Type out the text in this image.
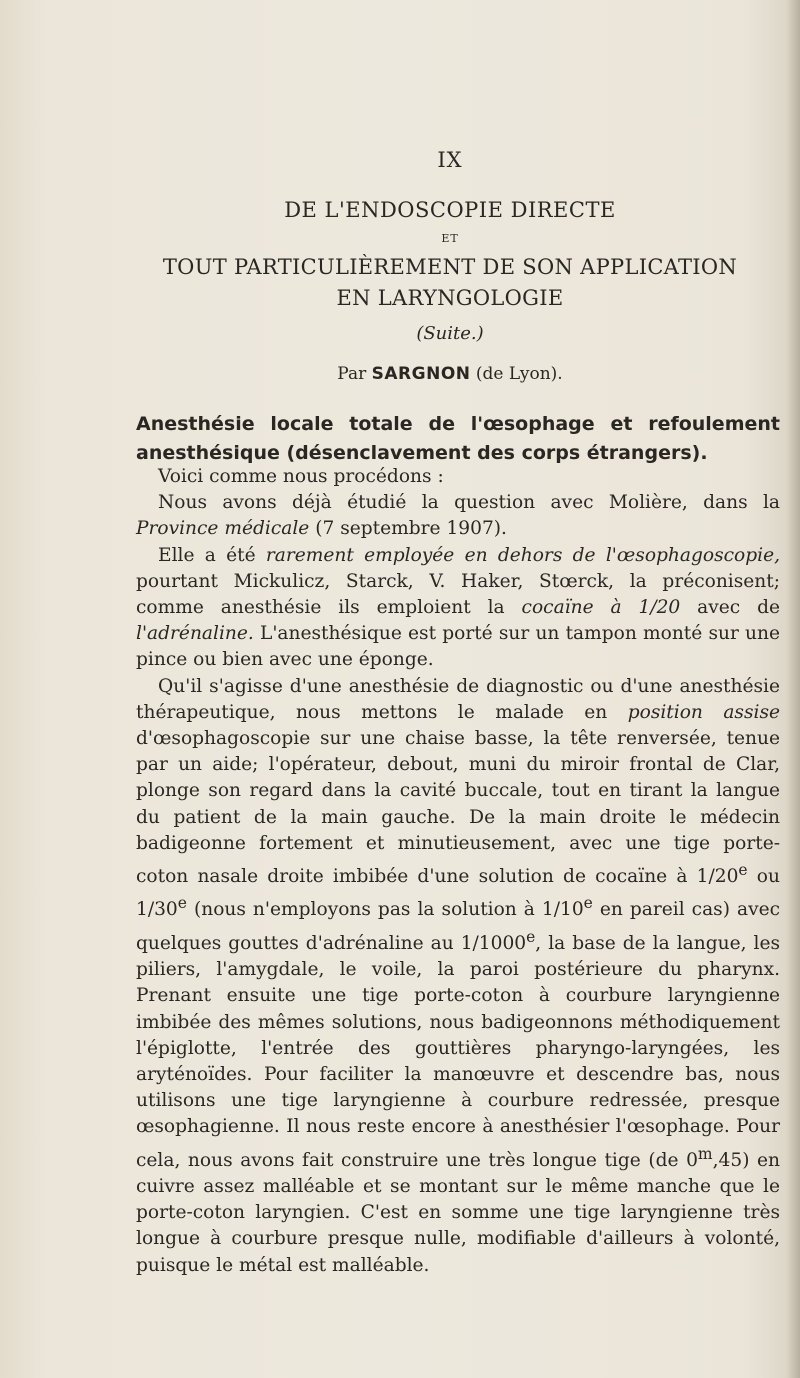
IX
DE L'ENDOSCOPIE DIRECTE
ET
TOUT PARTICULIÈREMENT DE SON APPLICATION
EN LARYNGOLOGIE
(Suite.)
Par SARGNON (de Lyon).
Anesthésie locale totale de l'œsophage et refoulement anesthésique (désenclavement des corps étrangers).

Voici comme nous procédons :

Nous avons déjà étudié la question avec Molière, dans la Province médicale (7 septembre 1907).

Elle a été rarement employée en dehors de l'œsophagoscopie, pourtant Mickulicz, Starck, V. Haker, Stœrck, la préconisent; comme anesthésie ils emploient la cocaïne à 1/20 avec de l'adrénaline. L'anesthésique est porté sur un tampon monté sur une pince ou bien avec une éponge.

Qu'il s'agisse d'une anesthésie de diagnostic ou d'une anesthésie thérapeutique, nous mettons le malade en position assise d'œsophagoscopie sur une chaise basse, la tête renversée, tenue par un aide; l'opérateur, debout, muni du miroir frontal de Clar, plonge son regard dans la cavité buccale, tout en tirant la langue du patient de la main gauche. De la main droite le médecin badigeonne fortement et minutieusement, avec une tige porte-coton nasale droite imbibée d'une solution de cocaïne à 1/20e ou 1/30e (nous n'employons pas la solution à 1/10e en pareil cas) avec quelques gouttes d'adrénaline au 1/1000e, la base de la langue, les piliers, l'amygdale, le voile, la paroi postérieure du pharynx. Prenant ensuite une tige porte-coton à courbure laryngienne imbibée des mêmes solutions, nous badigeonnons méthodiquement l'épiglotte, l'entrée des gouttières pharyngo-laryngées, les aryténoïdes. Pour faciliter la manœuvre et descendre bas, nous utilisons une tige laryngienne à courbure redressée, presque œsophagienne. Il nous reste encore à anesthésier l'œsophage. Pour cela, nous avons fait construire une très longue tige (de 0$^m$,45) en cuivre assez malléable et se montant sur le même manche que le porte-coton laryngien. C'est en somme une tige laryngienne très longue à courbure presque nulle, modifiable d'ailleurs à volonté, puisque le métal est malléable.
